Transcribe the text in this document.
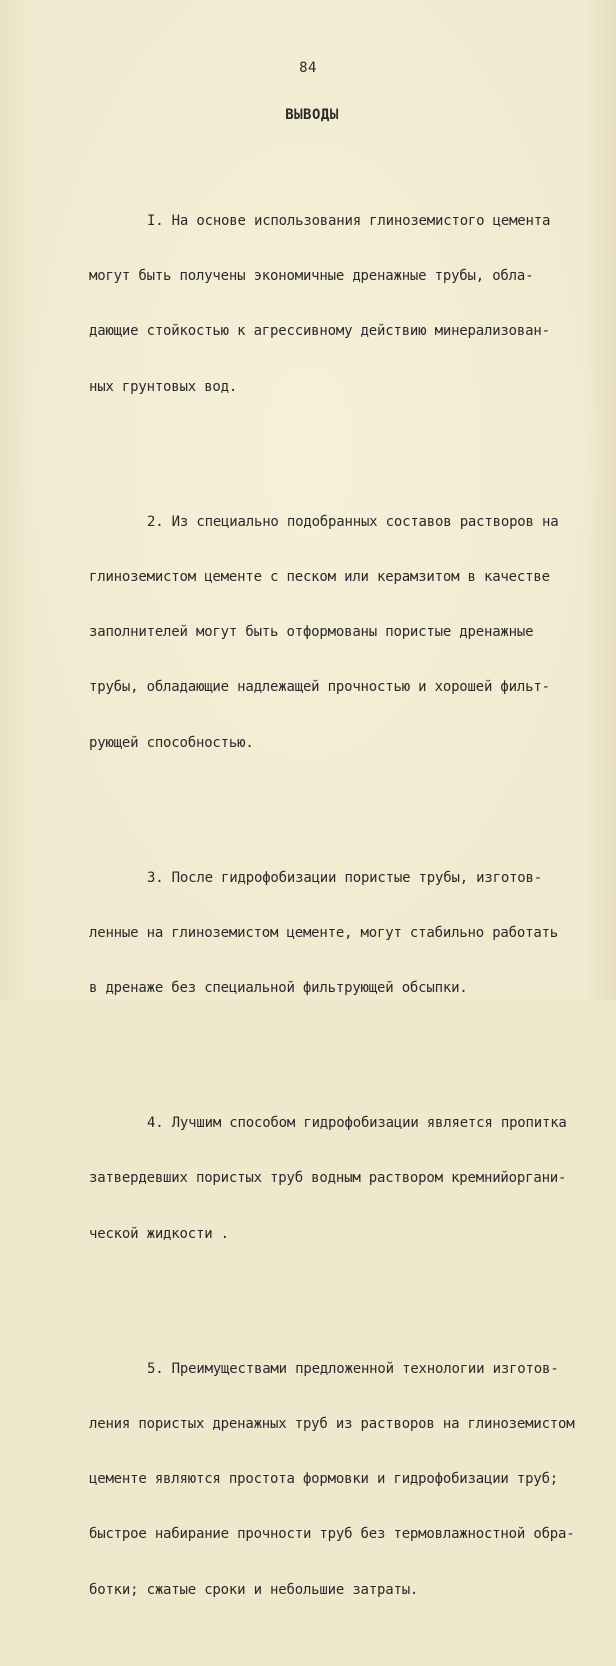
84
ВЫВОДЫ

I. На основе использования глиноземистого цемента

могут быть получены экономичные дренажные трубы, обла-

дающие стойкостью к агрессивному действию минерализован-

ных грунтовых вод.

2. Из специально подобранных составов растворов на

глиноземистом цементе с песком или керамзитом в качестве

заполнителей могут быть отформованы пористые дренажные

трубы, обладающие надлежащей прочностью и хорошей фильт-

рующей способностью.

3. После гидрофобизации пористые трубы, изготов-

ленные на глиноземистом цементе, могут стабильно работать

в дренаже без специальной фильтрующей обсыпки.

4. Лучшим способом гидрофобизации является пропитка

затвердевших пористых труб водным раствором кремнийоргани-

ческой жидкости .

5. Преимуществами предложенной технологии изготов-

ления пористых дренажных труб из растворов на глиноземистом

цементе являются простота формовки и гидрофобизации труб;

быстрое набирание прочности труб без термовлажностной обра-

ботки; сжатые сроки и небольшие затраты.
